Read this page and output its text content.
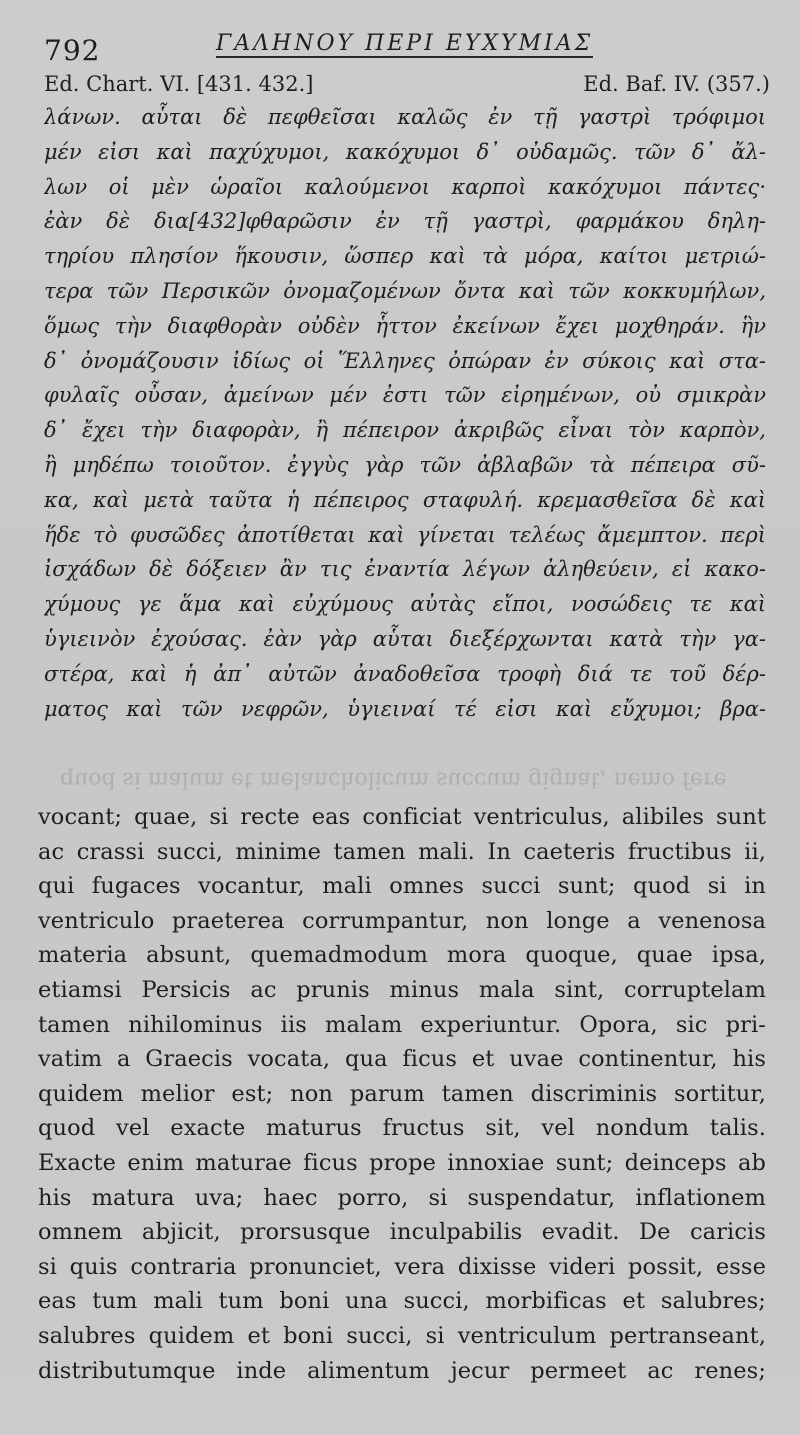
792	ΓΑΛΗΝΟΥ ΠΕΡΙ ΕΥΧΥΜΙΑΣ
Ed. Chart. VI. [431. 432.]	Ed. Baf. IV. (357.)
λάνων. αὗται δὲ πεφθεῖσαι καλῶς ἐν τῇ γαστρὶ τρόφιμοι
μέν εἰσι καὶ παχύχυμοι, κακόχυμοι δ᾽ οὐδαμῶς. τῶν δ᾽ ἄλ-
λων οἱ μὲν ὡραῖοι καλούμενοι καρποὶ κακόχυμοι πάντες·
ἐὰν δὲ δια[432]φθαρῶσιν ἐν τῇ γαστρὶ, φαρμάκου δηλη-
τηρίου πλησίον ἥκουσιν, ὥσπερ καὶ τὰ μόρα, καίτοι μετριώ-
τερα τῶν Περσικῶν ὀνομαζομένων ὄντα καὶ τῶν κοκκυμήλων,
ὅμως τὴν διαφθορὰν οὐδὲν ἧττον ἐκείνων ἔχει μοχθηράν. ἣν
δ᾽ ὀνομάζουσιν ἰδίως οἱ Ἕλληνες ὀπώραν ἐν σύκοις καὶ στα-
φυλαῖς οὖσαν, ἀμείνων μέν ἐστι τῶν εἰρημένων, οὐ σμικρὰν
δ᾽ ἔχει τὴν διαφορὰν, ἢ πέπειρον ἀκριβῶς εἶναι τὸν καρπὸν,
ἢ μηδέπω τοιοῦτον. ἐγγὺς γὰρ τῶν ἀβλαβῶν τὰ πέπειρα σῦ-
κα, καὶ μετὰ ταῦτα ἡ πέπειρος σταφυλή. κρεμασθεῖσα δὲ καὶ
ἥδε τὸ φυσῶδες ἀποτίθεται καὶ γίνεται τελέως ἄμεμπτον. περὶ
ἰσχάδων δὲ δόξειεν ἂν τις ἐναντία λέγων ἀληθεύειν, εἰ κακο-
χύμους γε ἅμα καὶ εὐχύμους αὐτὰς εἴποι, νοσώδεις τε καὶ
ὑγιεινὸν ἐχούσας. ἐὰν γὰρ αὗται διεξέρχωνται κατὰ τὴν γα-
στέρα, καὶ ἡ ἀπ᾽ αὐτῶν ἀναδοθεῖσα τροφὴ διά τε τοῦ δέρ-
ματος καὶ τῶν νεφρῶν, ὑγιειναί τέ εἰσι καὶ εὔχυμοι; βρα-
quod si malum et melancholicum succum gignat, nemo fere
vocant; quae, si recte eas conficiat ventriculus, alibiles sunt
ac crassi succi, minime tamen mali. In caeteris fructibus ii,
qui fugaces vocantur, mali omnes succi sunt; quod si in
ventriculo praeterea corrumpantur, non longe a venenosa
materia absunt, quemadmodum mora quoque, quae ipsa,
etiamsi Persicis ac prunis minus mala sint, corruptelam
tamen nihilominus iis malam experiuntur. Opora, sic pri-
vatim a Graecis vocata, qua ficus et uvae continentur, his
quidem melior est; non parum tamen discriminis sortitur,
quod vel exacte maturus fructus sit, vel nondum talis.
Exacte enim maturae ficus prope innoxiae sunt; deinceps ab
his matura uva; haec porro, si suspendatur, inflationem
omnem abjicit, prorsusque inculpabilis evadit. De caricis
si quis contraria pronunciet, vera dixisse videri possit, esse
eas tum mali tum boni una succi, morbificas et salubres;
salubres quidem et boni succi, si ventriculum pertranseant,
distributumque inde alimentum jecur permeet ac renes;
